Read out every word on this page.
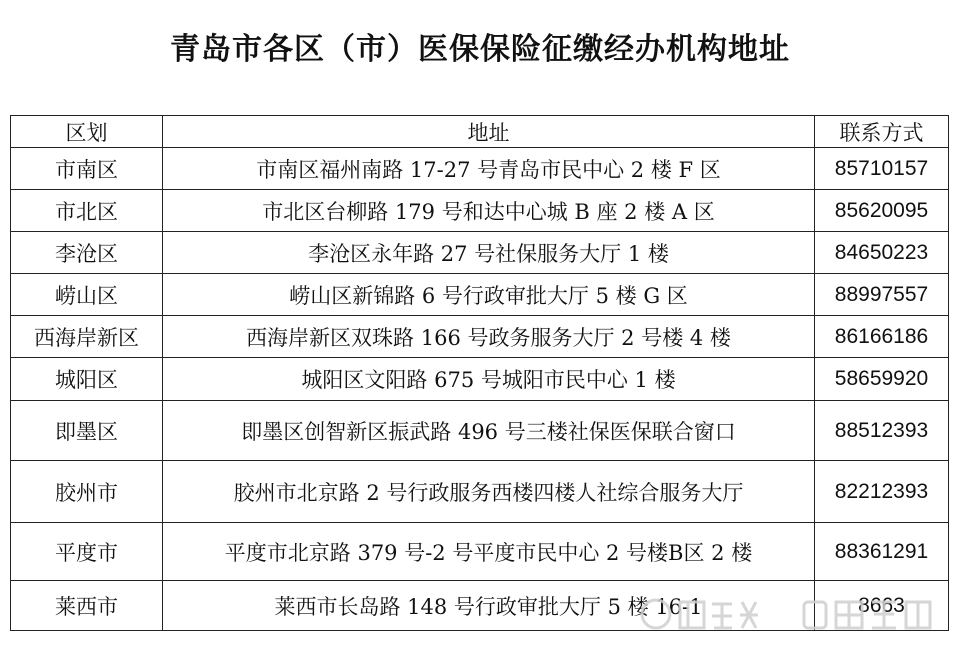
青岛市各区（市）医保保险征缴经办机构地址
区划	地址	联系方式
市南区	市南区福州南路 17-27 号青岛市民中心 2 楼 F 区	85710157
市北区	市北区台柳路 179 号和达中心城 B 座 2 楼 A 区	85620095
李沧区	李沧区永年路 27 号社保服务大厅 1 楼	84650223
崂山区	崂山区新锦路 6 号行政审批大厅 5 楼 G 区	88997557
西海岸新区	西海岸新区双珠路 166 号政务服务大厅 2 号楼 4 楼	86166186
城阳区	城阳区文阳路 675 号城阳市民中心 1 楼	58659920
即墨区	即墨区创智新区振武路 496 号三楼社保医保联合窗口	88512393
胶州市	胶州市北京路 2 号行政服务西楼四楼人社综合服务大厅	82212393
平度市	平度市北京路 379 号-2 号平度市民中心 2 号楼B区 2 楼	88361291
莱西市	莱西市长岛路 148 号行政审批大厅 5 楼 16-1	8663
